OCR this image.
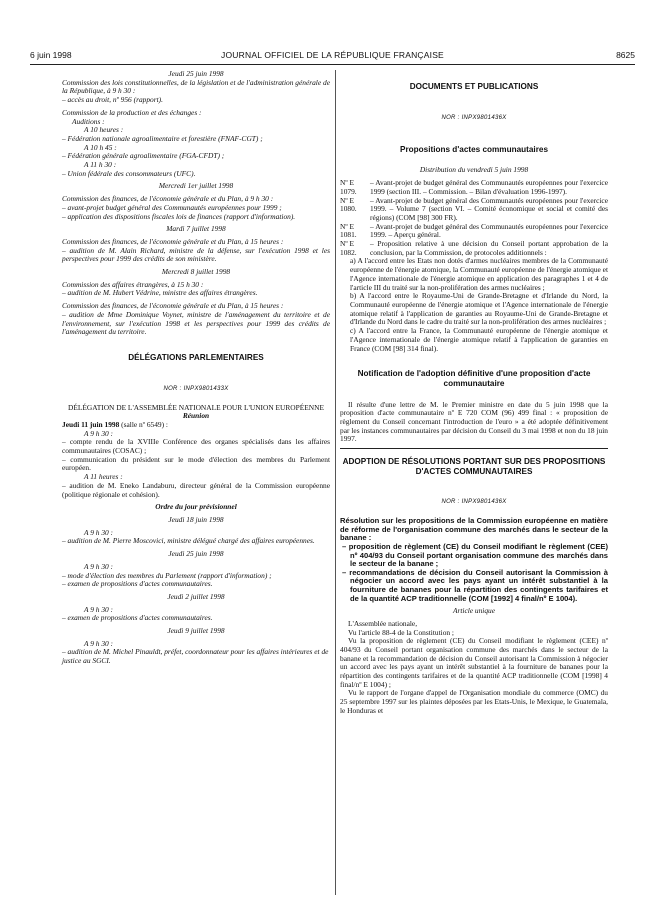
6 juin 1998	JOURNAL OFFICIEL DE LA RÉPUBLIQUE FRANÇAISE	8625

Jeudi 25 juin 1998

Commission des lois constitutionnelles, de la législation et de l'administration générale de la République, à 9 h 30 :

– accès au droit, nº 956 (rapport).

Commission de la production et des échanges :

Auditions :

A 10 heures :

– Fédération nationale agroalimentaire et forestière (FNAF-CGT) ;

A 10 h 45 :

– Fédération générale agroalimentaire (FGA-CFDT) ;

A 11 h 30 :

– Union fédérale des consommateurs (UFC).

Mercredi 1er juillet 1998

Commission des finances, de l'économie générale et du Plan, à 9 h 30 :

– avant-projet budget général des Communautés européennes pour 1999 ;

– application des dispositions fiscales lois de finances (rapport d'information).

Mardi 7 juillet 1998

Commission des finances, de l'économie générale et du Plan, à 15 heures :

– audition de M. Alain Richard, ministre de la défense, sur l'exécution 1998 et les perspectives pour 1999 des crédits de son ministère.

Mercredi 8 juillet 1998

Commission des affaires étrangères, à 15 h 30 :

– audition de M. Hubert Védrine, ministre des affaires étrangères.

Commission des finances, de l'économie générale et du Plan, à 15 heures :

– audition de Mme Dominique Voynet, ministre de l'aménagement du territoire et de l'environnement, sur l'exécution 1998 et les perspectives pour 1999 des crédits de l'aménagement du territoire.

DÉLÉGATIONS PARLEMENTAIRES

NOR : INPX9801433X

DÉLÉGATION DE L'ASSEMBLÉE NATIONALE POUR L'UNION EUROPÉENNE

Réunion

Jeudi 11 juin 1998 (salle nº 6549) :

A 9 h 30 :

– compte rendu de la XVIIIe Conférence des organes spécialisés dans les affaires communautaires (COSAC) ;

– communication du président sur le mode d'élection des membres du Parlement européen.

A 11 heures :

– audition de M. Eneko Landaburu, directeur général de la Commission européenne (politique régionale et cohésion).

Ordre du jour prévisionnel

Jeudi 18 juin 1998

A 9 h 30 :

– audition de M. Pierre Moscovici, ministre délégué chargé des affaires européennes.

Jeudi 25 juin 1998

A 9 h 30 :

– mode d'élection des membres du Parlement (rapport d'information) ;

– examen de propositions d'actes communautaires.

Jeudi 2 juillet 1998

A 9 h 30 :

– examen de propositions d'actes communautaires.

Jeudi 9 juillet 1998

A 9 h 30 :

– audition de M. Michel Pinauldt, préfet, coordonnateur pour les affaires intérieures et de justice au SGCI.

DOCUMENTS ET PUBLICATIONS

NOR : INPX9801436X

Propositions d'actes communautaires

Distribution du vendredi 5 juin 1998

Nº E 1079.
– Avant-projet de budget général des Communautés européennes pour l'exercice 1999 (section III. – Commission. – Bilan d'évaluation 1996-1997).
Nº E 1080.
– Avant-projet de budget général des Communautés européennes pour l'exercice 1999. – Volume 7 (section VI. – Comité économique et social et comité des régions) (COM [98] 300 FR).
Nº E 1081.
– Avant-projet de budget général des Communautés européennes pour l'exercice 1999. – Aperçu général.
Nº E 1082.
– Proposition relative à une décision du Conseil portant approbation de la conclusion, par la Commission, de protocoles additionnels :

a) A l'accord entre les Etats non dotés d'armes nucléaires membres de la Communauté européenne de l'énergie atomique, la Communauté européenne de l'énergie atomique et l'Agence internationale de l'énergie atomique en application des paragraphes 1 et 4 de l'article III du traité sur la non-prolifération des armes nucléaires ;

b) A l'accord entre le Royaume-Uni de Grande-Bretagne et d'Irlande du Nord, la Communauté européenne de l'énergie atomique et l'Agence internationale de l'énergie atomique relatif à l'application de garanties au Royaume-Uni de Grande-Bretagne et d'Irlande du Nord dans le cadre du traité sur la non-prolifération des armes nucléaires ;

c) A l'accord entre la France, la Communauté européenne de l'énergie atomique et l'Agence internationale de l'énergie atomique relatif à l'application de garanties en France (COM [98] 314 final).

Notification de l'adoption définitive d'une proposition d'acte communautaire

Il résulte d'une lettre de M. le Premier ministre en date du 5 juin 1998 que la proposition d'acte communautaire nº E 720 COM (96) 499 final : « proposition de règlement du Conseil concernant l'introduction de l'euro » a été adoptée définitivement par les instances communautaires par décision du Conseil du 3 mai 1998 et non du 18 juin 1997.

ADOPTION DE RÉSOLUTIONS PORTANT SUR DES PROPOSITIONS D'ACTES COMMUNAUTAIRES

NOR : INPX9801436X

Résolution sur les propositions de la Commission européenne en matière de réforme de l'organisation commune des marchés dans le secteur de la banane :

– proposition de règlement (CE) du Conseil modifiant le règlement (CEE) nº 404/93 du Conseil portant organisation commune des marchés dans le secteur de la banane ;

– recommandations de décision du Conseil autorisant la Commission à négocier un accord avec les pays ayant un intérêt substantiel à la fourniture de bananes pour la répartition des contingents tarifaires et de la quantité ACP traditionnelle (COM [1992] 4 final/nº E 1004).

Article unique

L'Assemblée nationale,

Vu l'article 88-4 de la Constitution ;

Vu la proposition de règlement (CE) du Conseil modifiant le règlement (CEE) nº 404/93 du Conseil portant organisation commune des marchés dans le secteur de la banane et la recommandation de décision du Conseil autorisant la Commission à négocier un accord avec les pays ayant un intérêt substantiel à la fourniture de bananes pour la répartition des contingents tarifaires et de la quantité ACP traditionnelle (COM [1998] 4 final/nº E 1004) ;

Vu le rapport de l'organe d'appel de l'Organisation mondiale du commerce (OMC) du 25 septembre 1997 sur les plaintes déposées par les Etats-Unis, le Mexique, le Guatemala, le Honduras et
